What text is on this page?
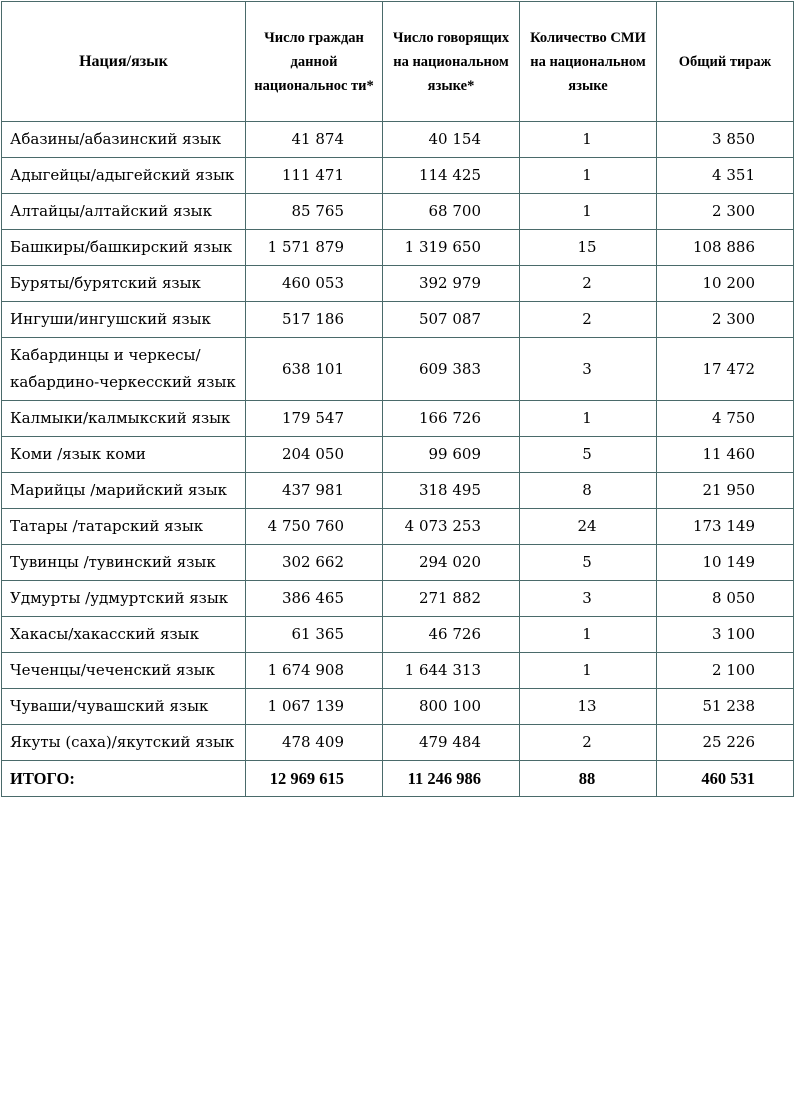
Нация/язык	Число граждан данной национальнос ти*	Число говорящих на национальном языке*	Количество СМИ на национальном языке	Общий тираж
Абазины/абазинский язык	41 874	40 154	1	3 850
Адыгейцы/адыгейский язык	111 471	114 425	1	4 351
Алтайцы/алтайский язык	85 765	68 700	1	2 300
Башкиры/башкирский язык	1 571 879	1 319 650	15	108 886
Буряты/бурятский язык	460 053	392 979	2	10 200
Ингуши/ингушский язык	517 186	507 087	2	2 300
Кабардинцы и черкесы/кабардино-черкесский язык	638 101	609 383	3	17 472
Калмыки/калмыкский язык	179 547	166 726	1	4 750
Коми /язык коми	204 050	99 609	5	11 460
Марийцы /марийский язык	437 981	318 495	8	21 950
Татары /татарский язык	4 750 760	4 073 253	24	173 149
Тувинцы /тувинский язык	302 662	294 020	5	10 149
Удмурты /удмуртский язык	386 465	271 882	3	8 050
Хакасы/хакасский язык	61 365	46 726	1	3 100
Чеченцы/чеченский язык	1 674 908	1 644 313	1	2 100
Чуваши/чувашский язык	1 067 139	800 100	13	51 238
Якуты (саха)/якутский язык	478 409	479 484	2	25 226
ИТОГО:	12 969 615	11 246 986	88	460 531
